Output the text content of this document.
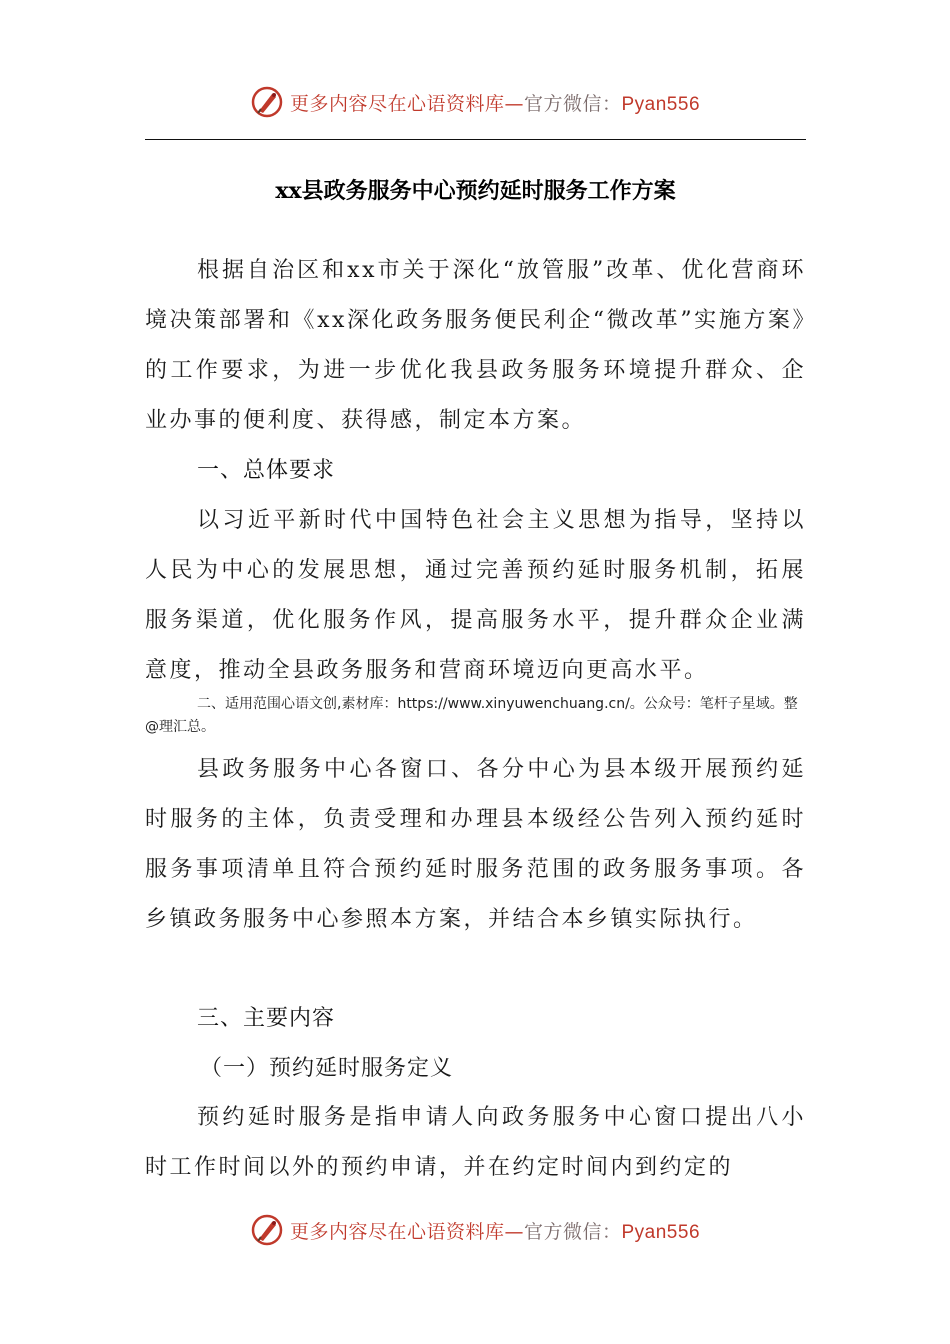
更多内容尽在心语资料库—官方微信：Pyan556
xx县政务服务中心预约延时服务工作方案

根据自治区和xx市关于深化“放管服”改革、优化营商环境决策部署和《xx深化政务服务便民利企“微改革”实施方案》的工作要求，为进一步优化我县政务服务环境提升群众、企业办事的便利度、获得感，制定本方案。

一、总体要求

以习近平新时代中国特色社会主义思想为指导，坚持以人民为中心的发展思想，通过完善预约延时服务机制，拓展服务渠道，优化服务作风，提高服务水平，提升群众企业满意度，推动全县政务服务和营商环境迈向更高水平。

二、适用范围心语文创,素材库：https://www.xinyuwenchuang.cn/。公众号：笔杆子星域。整@理汇总。

县政务服务中心各窗口、各分中心为县本级开展预约延时服务的主体，负责受理和办理县本级经公告列入预约延时服务事项清单且符合预约延时服务范围的政务服务事项。各乡镇政务服务中心参照本方案，并结合本乡镇实际执行。

三、主要内容

（一）预约延时服务定义

预约延时服务是指申请人向政务服务中心窗口提出八小时工作时间以外的预约申请，并在约定时间内到约定的

更多内容尽在心语资料库—官方微信：Pyan556
